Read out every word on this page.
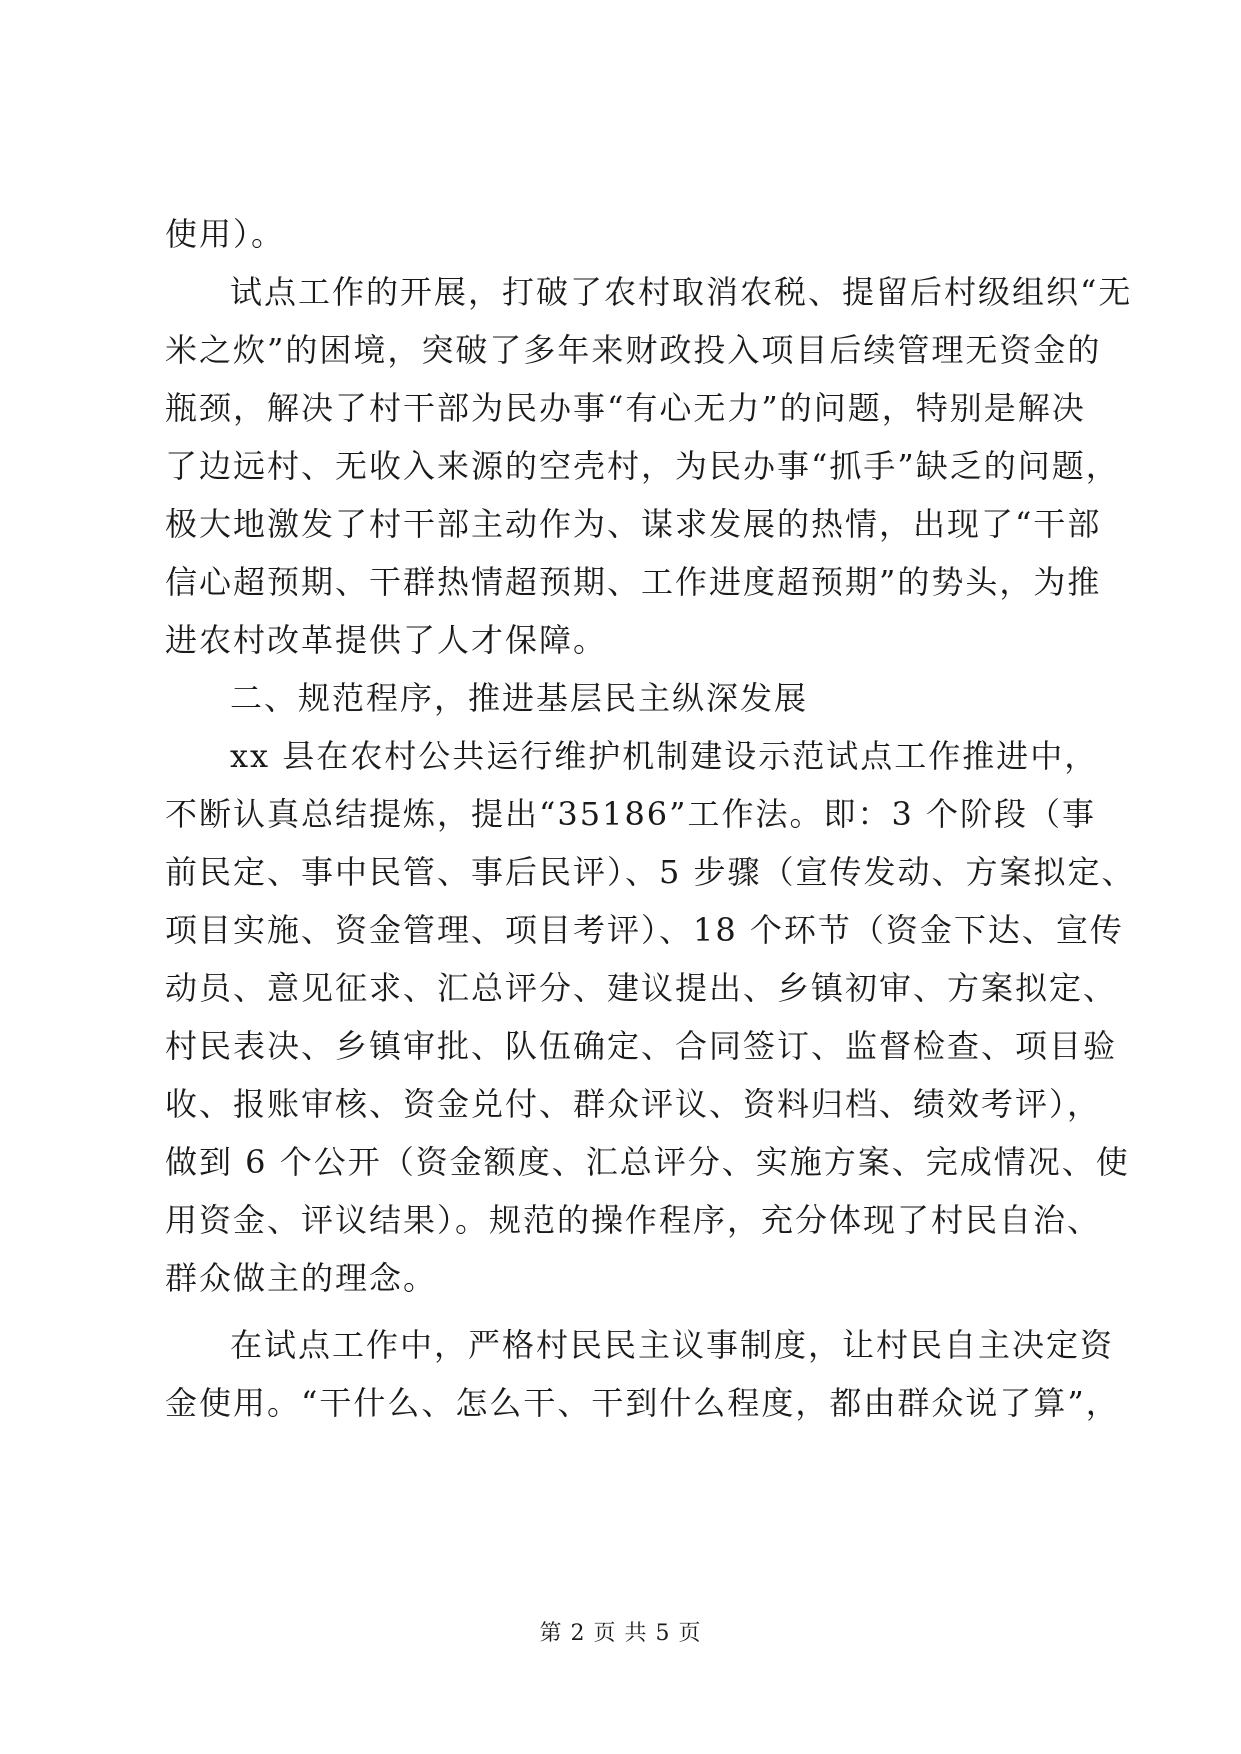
使用）。
试点工作的开展，打破了农村取消农税、提留后村级组织“无
米之炊”的困境，突破了多年来财政投入项目后续管理无资金的
瓶颈，解决了村干部为民办事“有心无力”的问题，特别是解决
了边远村、无收入来源的空壳村，为民办事“抓手”缺乏的问题，
极大地激发了村干部主动作为、谋求发展的热情，出现了“干部
信心超预期、干群热情超预期、工作进度超预期”的势头，为推
进农村改革提供了人才保障。
二、规范程序，推进基层民主纵深发展
xx 县在农村公共运行维护机制建设示范试点工作推进中，
不断认真总结提炼，提出“35186”工作法。即：3 个阶段（事
前民定、事中民管、事后民评）、5 步骤（宣传发动、方案拟定、
项目实施、资金管理、项目考评）、18 个环节（资金下达、宣传
动员、意见征求、汇总评分、建议提出、乡镇初审、方案拟定、
村民表决、乡镇审批、队伍确定、合同签订、监督检查、项目验
收、报账审核、资金兑付、群众评议、资料归档、绩效考评），
做到 6 个公开（资金额度、汇总评分、实施方案、完成情况、使
用资金、评议结果）。规范的操作程序，充分体现了村民自治、
群众做主的理念。
在试点工作中，严格村民民主议事制度，让村民自主决定资
金使用。“干什么、怎么干、干到什么程度，都由群众说了算”，
第 2 页 共 5 页
